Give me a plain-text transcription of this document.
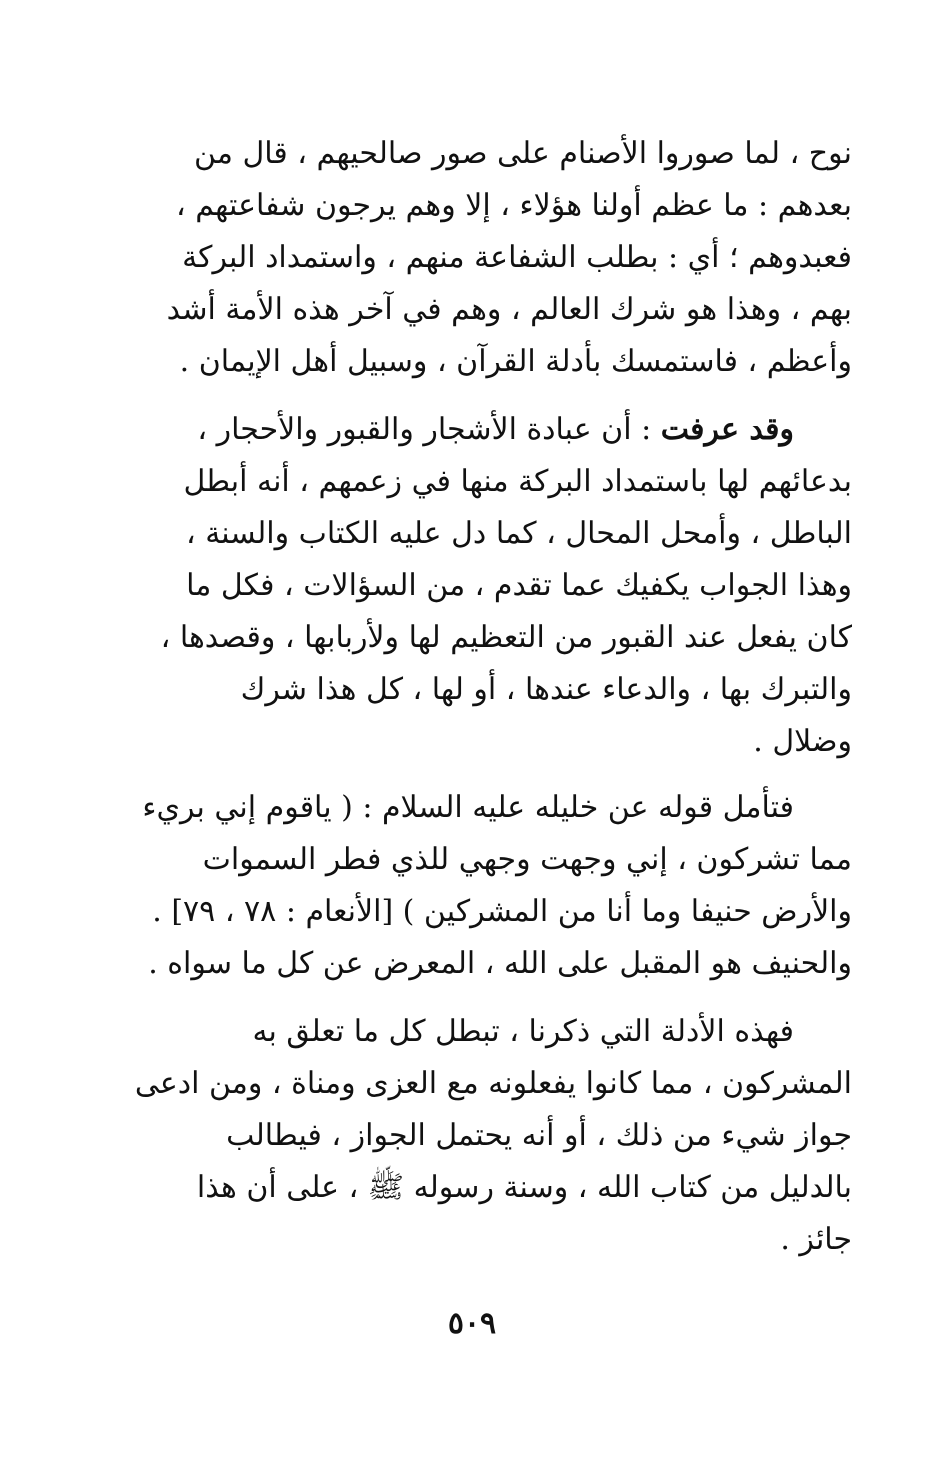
نوح ، لما صوروا الأصنام على صور صالحيهم ، قال من
بعدهم : ما عظم أولنا هؤلاء ، إلا وهم يرجون شفاعتهم ،
فعبدوهم ؛ أي : بطلب الشفاعة منهم ، واستمداد البركة
بهم ، وهذا هو شرك العالم ، وهم في آخر هذه الأمة أشد
وأعظم ، فاستمسك بأدلة القرآن ، وسبيل أهل الإيمان .
وقد عرفت : أن عبادة الأشجار والقبور والأحجار ،
بدعائهم لها باستمداد البركة منها في زعمهم ، أنه أبطل
الباطل ، وأمحل المحال ، كما دل عليه الكتاب والسنة ،
وهذا الجواب يكفيك عما تقدم ، من السؤالات ، فكل ما
كان يفعل عند القبور من التعظيم لها ولأربابها ، وقصدها ،
والتبرك بها ، والدعاء عندها ، أو لها ، كل هذا شرك
وضلال .
فتأمل قوله عن خليله عليه السلام : ( ياقوم إني بريء
مما تشركون ، إني وجهت وجهي للذي فطر السموات
والأرض حنيفا وما أنا من المشركين ) [الأنعام : ٧٨ ، ٧٩] .
والحنيف هو المقبل على الله ، المعرض عن كل ما سواه .
فهذه الأدلة التي ذكرنا ، تبطل كل ما تعلق به
المشركون ، مما كانوا يفعلونه مع العزى ومناة ، ومن ادعى
جواز شيء من ذلك ، أو أنه يحتمل الجواز ، فيطالب
بالدليل من كتاب الله ، وسنة رسوله ﷺ ، على أن هذا
جائز .
٥٠٩
